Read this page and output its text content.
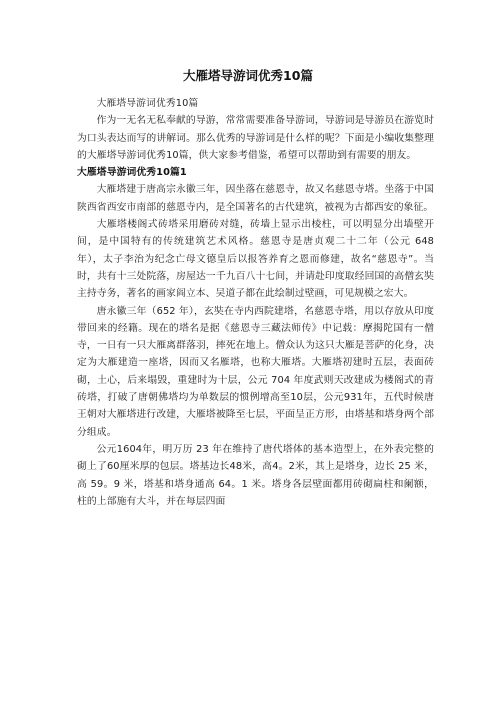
大雁塔导游词优秀10篇

大雁塔导游词优秀10篇

作为一无名无私奉献的导游，常常需要准备导游词，导游词是导游员在游览时为口头表达而写的讲解词。那么优秀的导游词是什么样的呢？下面是小编收集整理的大雁塔导游词优秀10篇，供大家参考借鉴，希望可以帮助到有需要的朋友。

大雁塔导游词优秀10篇1

大雁塔建于唐高宗永徽三年，因坐落在慈恩寺，故又名慈恩寺塔。坐落于中国陕西省西安市南部的慈恩寺内，是全国著名的古代建筑，被视为古都西安的象征。

大雁塔楼阁式砖塔采用磨砖对缝，砖墙上显示出棱柱，可以明显分出墙壁开间，是中国特有的传统建筑艺术风格。慈恩寺是唐贞观二十二年（公元 648 年），太子李治为纪念亡母文德皇后以报答养育之恩而修建，故名“慈恩寺”。当时，共有十三处院落，房屋达一千九百八十七间，并请赴印度取经回国的高僧玄奘主持寺务，著名的画家阎立本、吴道子都在此绘制过壁画，可见规模之宏大。

唐永徽三年（652 年），玄奘在寺内西院建塔，名慈恩寺塔，用以存放从印度带回来的经籍。现在的塔名是据《慈恩寺三藏法师传》中记载：摩揭陀国有一僧寺，一日有一只大雁离群落羽，摔死在地上。僧众认为这只大雁是菩萨的化身，决定为大雁建造一座塔，因而又名雁塔，也称大雁塔。大雁塔初建时五层，表面砖砌，土心，后来塌毁，重建时为十层，公元 704 年度武则天改建成为楼阁式的青砖塔，打破了唐朝佛塔均为单数层的惯例增高至10层，公元931年，五代时候唐王朝对大雁塔进行改建，大雁塔被降至七层，平面呈正方形，由塔基和塔身两个部分组成。

公元1604年，明万历 23 年在维持了唐代塔体的基本造型上，在外表完整的砌上了60厘米厚的包层。塔基边长48米，高4。2米，其上是塔身，边长 25 米，高 59。9 米，塔基和塔身通高 64。1 米。塔身各层壁面都用砖砌扁柱和阑额，柱的上部施有大斗，并在每层四面
